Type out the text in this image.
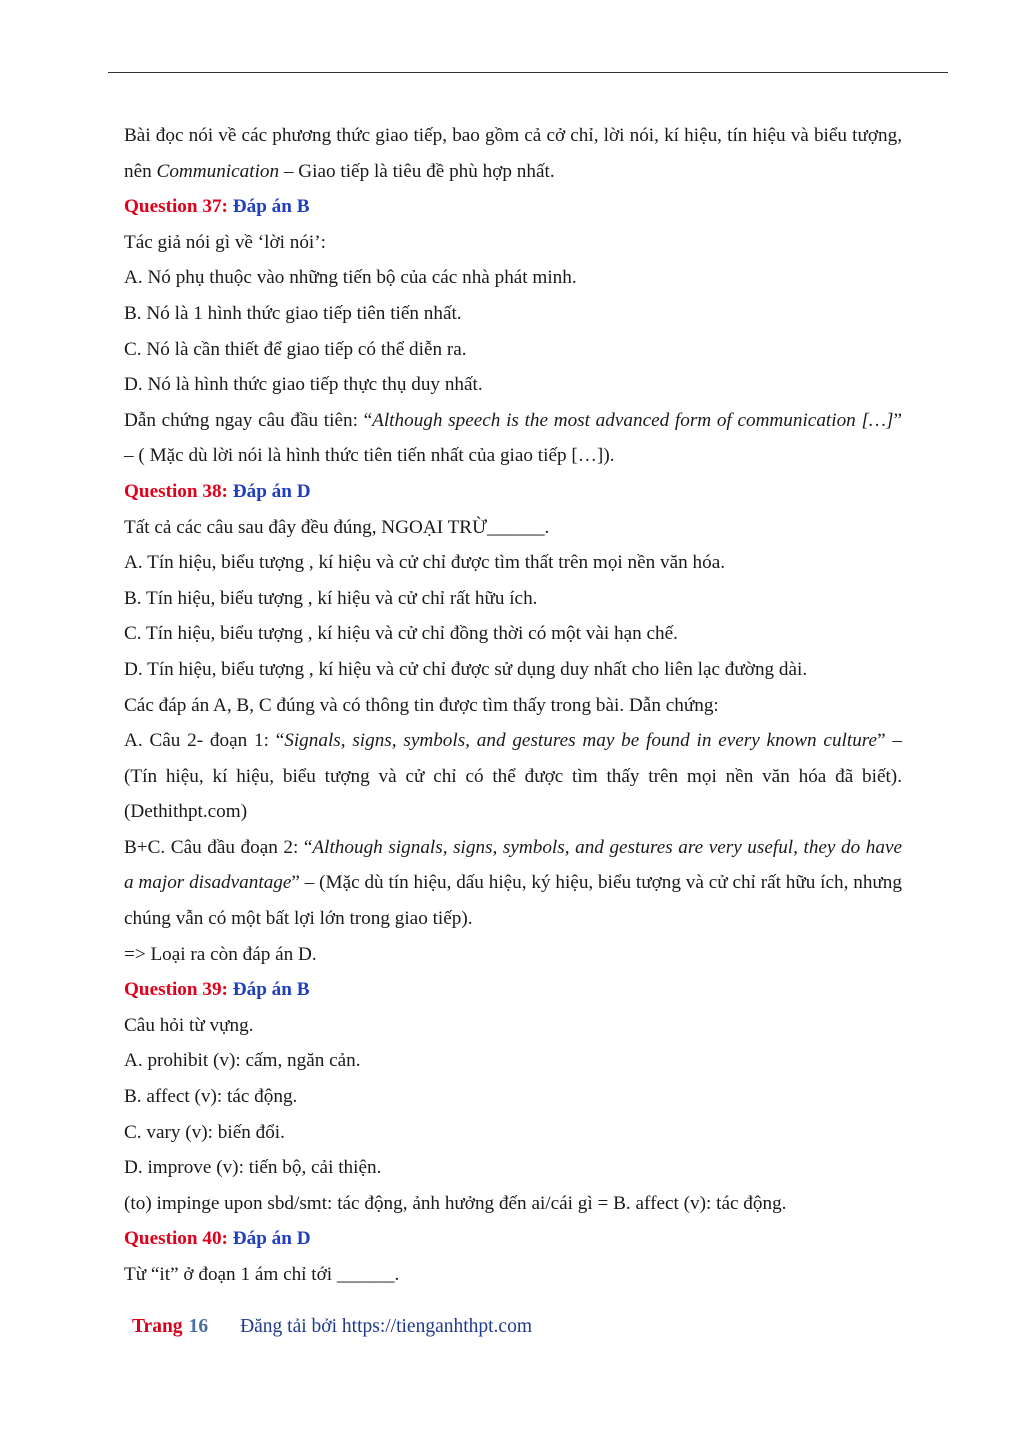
Bài đọc nói về các phương thức giao tiếp, bao gồm cả cở chỉ, lời nói, kí hiệu, tín hiệu và biểu tượng, nên Communication – Giao tiếp là tiêu đề phù hợp nhất.

Question 37: Đáp án B

Tác giả nói gì về ‘lời nói’:

A. Nó phụ thuộc vào những tiến bộ của các nhà phát minh.

B. Nó là 1 hình thức giao tiếp tiên tiến nhất.

C. Nó là cần thiết để giao tiếp có thể diễn ra.

D. Nó là hình thức giao tiếp thực thụ duy nhất.

Dẫn chứng ngay câu đầu tiên: “Although speech is the most advanced form of communication […]” – ( Mặc dù lời nói là hình thức tiên tiến nhất của giao tiếp […]).

Question 38: Đáp án D

Tất cả các câu sau đây đều đúng, NGOẠI TRỪ______.

A. Tín hiệu, biểu tượng , kí hiệu và cử chỉ được tìm thất trên mọi nền văn hóa.

B. Tín hiệu, biểu tượng , kí hiệu và cử chỉ rất hữu ích.

C. Tín hiệu, biểu tượng , kí hiệu và cử chỉ đồng thời có một vài hạn chế.

D. Tín hiệu, biểu tượng , kí hiệu và cử chỉ được sử dụng duy nhất cho liên lạc đường dài.

Các đáp án A, B, C đúng và có thông tin được tìm thấy trong bài. Dẫn chứng:

A. Câu 2- đoạn 1: “Signals, signs, symbols, and gestures may be found in every known culture” – (Tín hiệu, kí hiệu, biểu tượng và cử chỉ có thể được tìm thấy trên mọi nền văn hóa đã biết). (Dethithpt.com)

B+C. Câu đầu đoạn 2: “Although signals, signs, symbols, and gestures are very useful, they do have a major disadvantage” – (Mặc dù tín hiệu, dấu hiệu, ký hiệu, biểu tượng và cử chỉ rất hữu ích, nhưng chúng vẫn có một bất lợi lớn trong giao tiếp).

=> Loại ra còn đáp án D.

Question 39: Đáp án B

Câu hỏi từ vựng.

A. prohibit (v): cấm, ngăn cản.

B. affect (v): tác động.

C. vary (v): biến đổi.

D. improve (v): tiến bộ, cải thiện.

(to) impinge upon sbd/smt: tác động, ảnh hưởng đến ai/cái gì = B. affect (v): tác động.

Question 40: Đáp án D

Từ “it” ở đoạn 1 ám chỉ tới ______.

Trang 16 Đăng tải bởi https://tienganhthpt.com
